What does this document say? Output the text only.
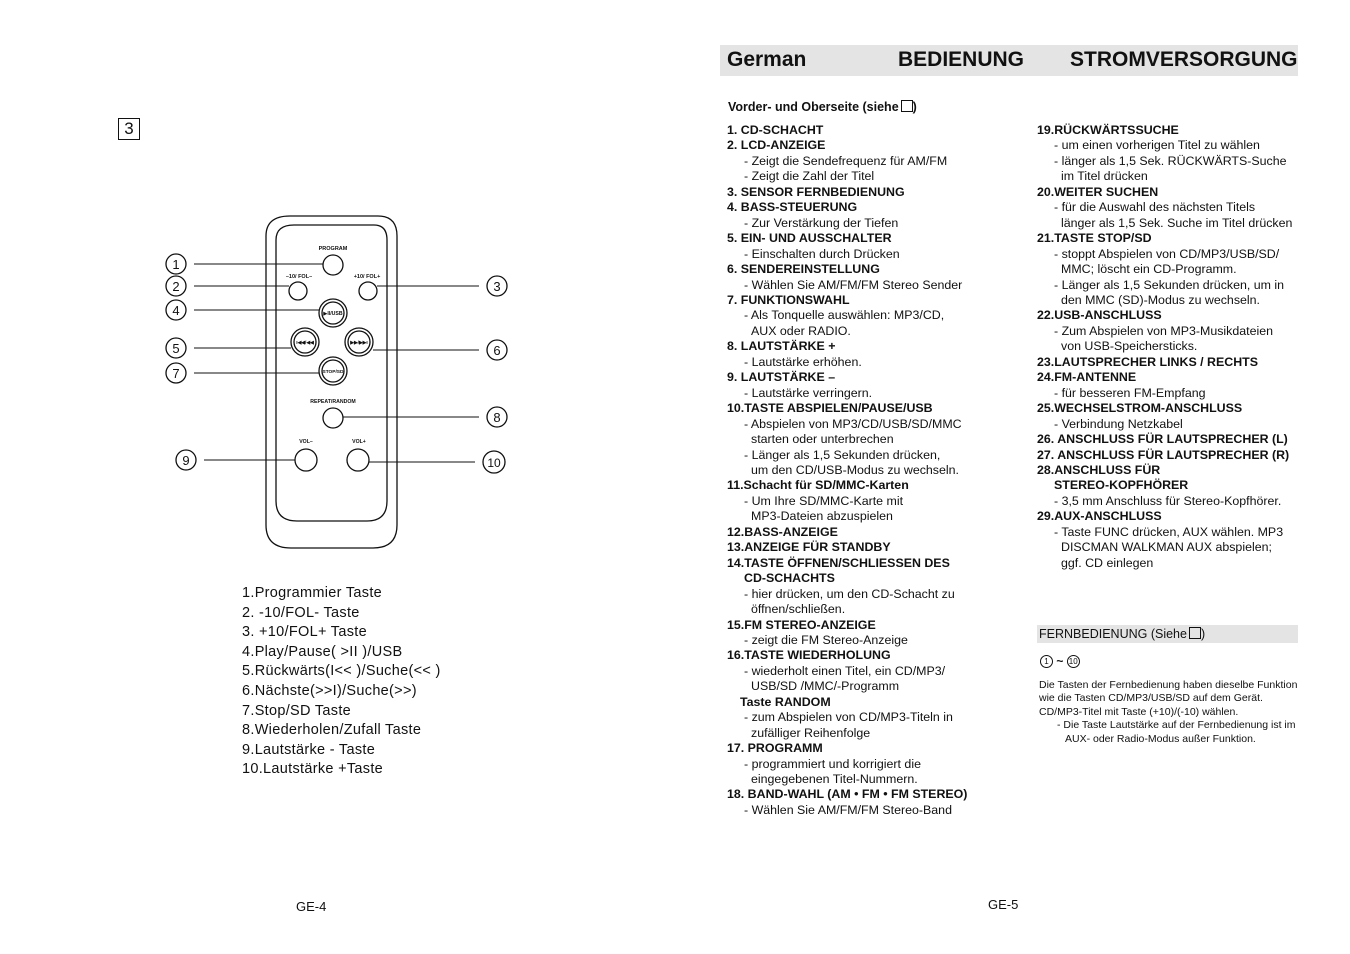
3
PROGRAM
–10/ FOL–	+10/ FOL+
▶II/USB
I◀◀/◀◀	▶▶/▶▶I
STOP/SD
REPEAT/RANDOM
VOL–	VOL+
1
2	3
4
5	6
7
8
9	10
1.Programmier Taste
2. -10/FOL- Taste
3. +10/FOL+ Taste
4.Play/Pause( >II )/USB
5.Rückwärts(I<< )/Suche(<< )
6.Nächste(>>I)/Suche(>>)
7.Stop/SD Taste
8.Wiederholen/Zufall Taste
9.Lautstärke - Taste
10.Lautstärke +Taste
GE-4
German	BEDIENUNG STROMVERSORGUNG
Vorder- und Oberseite (siehe )
1. CD-SCHACHT
2. LCD-ANZEIGE
- Zeigt die Sendefrequenz für AM/FM
- Zeigt die Zahl der Titel
3. SENSOR FERNBEDIENUNG
4. BASS-STEUERUNG
- Zur Verstärkung der Tiefen
5. EIN- UND AUSSCHALTER
- Einschalten durch Drücken
6. SENDEREINSTELLUNG
- Wählen Sie AM/FM/FM Stereo Sender
7. FUNKTIONSWAHL
- Als Tonquelle auswählen: MP3/CD,
AUX oder RADIO.
8. LAUTSTÄRKE +
- Lautstärke erhöhen.
9. LAUTSTÄRKE –
- Lautstärke verringern.
10.TASTE ABSPIELEN/PAUSE/USB
- Abspielen von MP3/CD/USB/SD/MMC
starten oder unterbrechen
- Länger als 1,5 Sekunden drücken,
um den CD/USB-Modus zu wechseln.
11.Schacht für SD/MMC-Karten
- Um Ihre SD/MMC-Karte mit
MP3-Dateien abzuspielen
12.BASS-ANZEIGE
13.ANZEIGE FÜR STANDBY
14.TASTE ÖFFNEN/SCHLIESSEN DES
CD-SCHACHTS
- hier drücken, um den CD-Schacht zu
öffnen/schließen.
15.FM STEREO-ANZEIGE
- zeigt die FM Stereo-Anzeige
16.TASTE WIEDERHOLUNG
- wiederholt einen Titel, ein CD/MP3/
USB/SD /MMC/-Programm
Taste RANDOM
- zum Abspielen von CD/MP3-Titeln in
zufälliger Reihenfolge
17. PROGRAMM
- programmiert und korrigiert die
eingegebenen Titel-Nummern.
18. BAND-WAHL (AM • FM • FM STEREO)
- Wählen Sie AM/FM/FM Stereo-Band
19.RÜCKWÄRTSSUCHE
- um einen vorherigen Titel zu wählen
- länger als 1,5 Sek. RÜCKWÄRTS-Suche
im Titel drücken
20.WEITER SUCHEN
- für die Auswahl des nächsten Titels
länger als 1,5 Sek. Suche im Titel drücken
21.TASTE STOP/SD
- stoppt Abspielen von CD/MP3/USB/SD/
MMC; löscht ein CD-Programm.
- Länger als 1,5 Sekunden drücken, um in
den MMC (SD)-Modus zu wechseln.
22.USB-ANSCHLUSS
- Zum Abspielen von MP3-Musikdateien
von USB-Speichersticks.
23.LAUTSPRECHER LINKS / RECHTS
24.FM-ANTENNE
- für besseren FM-Empfang
25.WECHSELSTROM-ANSCHLUSS
- Verbindung Netzkabel
26. ANSCHLUSS FÜR LAUTSPRECHER (L)
27. ANSCHLUSS FÜR LAUTSPRECHER (R)
28.ANSCHLUSS FÜR
STEREO-KOPFHÖRER
- 3,5 mm Anschluss für Stereo-Kopfhörer.
29.AUX-ANSCHLUSS
- Taste FUNC drücken, AUX wählen. MP3
DISCMAN WALKMAN AUX abspielen;
ggf. CD einlegen
FERNBEDIENUNG (Siehe )
1 ~ 10
Die Tasten der Fernbedienung haben dieselbe Funktion
wie die Tasten CD/MP3/USB/SD auf dem Gerät.
CD/MP3-Titel mit Taste (+10)/(-10) wählen.
- Die Taste Lautstärke auf der Fernbedienung ist im
AUX- oder Radio-Modus außer Funktion.
GE-5
